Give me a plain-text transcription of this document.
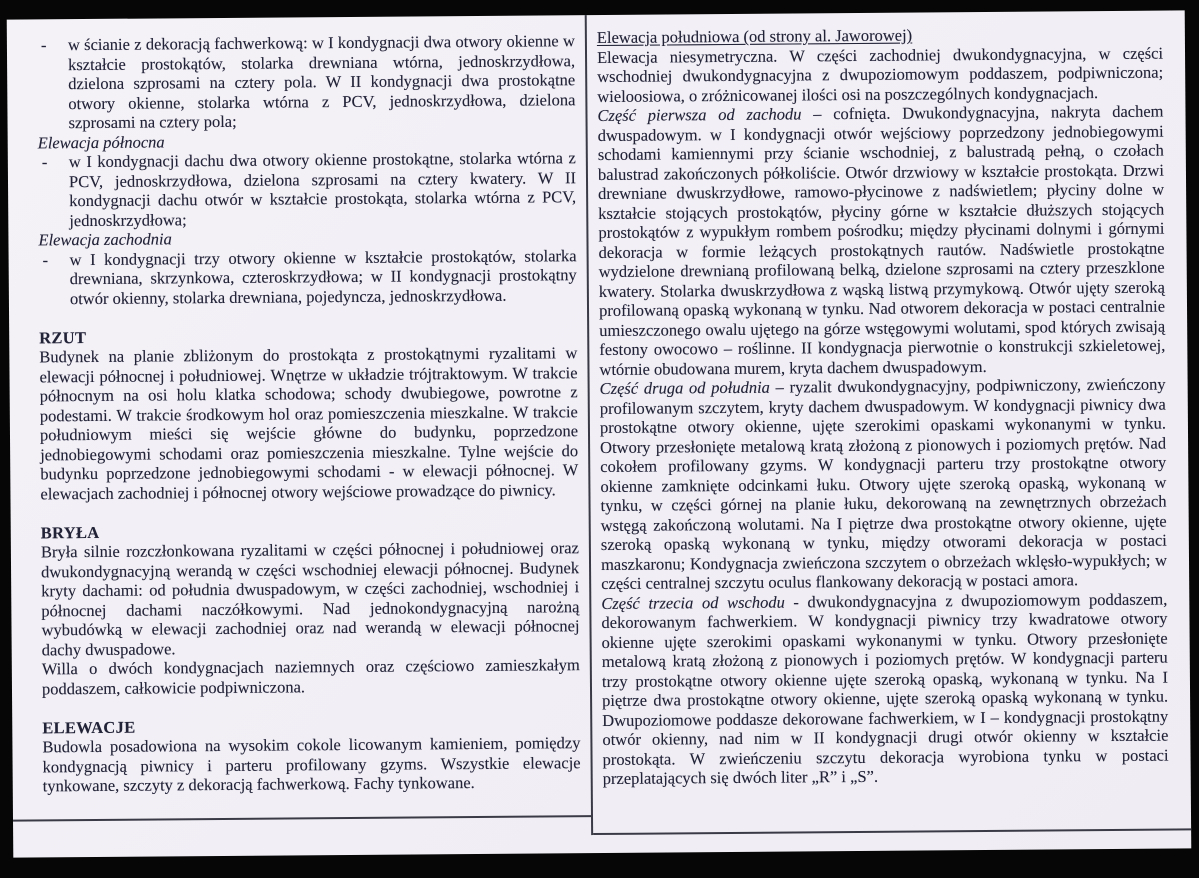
-	w ścianie z dekoracją fachwerkową: w I kondygnacji dwa otwory okienne w kształcie prostokątów, stolarka drewniana wtórna, jednoskrzydłowa, dzielona szprosami na cztery pola. W II kondygnacji dwa prostokątne otwory okienne, stolarka wtórna z PCV, jednoskrzydłowa, dzielona szprosami na cztery pola;
Elewacja północna
-	w I kondygnacji dachu dwa otwory okienne prostokątne, stolarka wtórna z PCV, jednoskrzydłowa, dzielona szprosami na cztery kwatery. W II kondygnacji dachu otwór w kształcie prostokąta, stolarka wtórna z PCV, jednoskrzydłowa;
Elewacja zachodnia
-	w I kondygnacji trzy otwory okienne w kształcie prostokątów, stolarka drewniana, skrzynkowa, czteroskrzydłowa; w II kondygnacji prostokątny otwór okienny, stolarka drewniana, pojedyncza, jednoskrzydłowa.
RZUT

Budynek na planie zbliżonym do prostokąta z prostokątnymi ryzalitami w elewacji północnej i południowej. Wnętrze w układzie trójtraktowym. W trakcie północnym na osi holu klatka schodowa; schody dwubiegowe, powrotne z podestami. W trakcie środkowym hol oraz pomieszczenia mieszkalne. W trakcie południowym mieści się wejście główne do budynku, poprzedzone jednobiegowymi schodami oraz pomieszczenia mieszkalne. Tylne wejście do budynku poprzedzone jednobiegowymi schodami - w elewacji północnej. W elewacjach zachodniej i północnej otwory wejściowe prowadzące do piwnicy.

BRYŁA

Bryła silnie rozczłonkowana ryzalitami w części północnej i południowej oraz dwukondygnacyjną werandą w części wschodniej elewacji północnej. Budynek kryty dachami: od południa dwuspadowym, w części zachodniej, wschodniej i północnej dachami naczółkowymi. Nad jednokondygnacyjną narożną wybudówką w elewacji zachodniej oraz nad werandą w elewacji północnej dachy dwuspadowe.

Willa o dwóch kondygnacjach naziemnych oraz częściowo zamieszkałym poddaszem, całkowicie podpiwniczona.

ELEWACJE

Budowla posadowiona na wysokim cokole licowanym kamieniem, pomiędzy kondygnacją piwnicy i parteru profilowany gzyms. Wszystkie elewacje tynkowane, szczyty z dekoracją fachwerkową. Fachy tynkowane.

Elewacja południowa (od strony al. Jaworowej)

Elewacja niesymetryczna. W części zachodniej dwukondygnacyjna, w części wschodniej dwukondygnacyjna z dwupoziomowym poddaszem, podpiwniczona; wieloosiowa, o zróżnicowanej ilości osi na poszczególnych kondygnacjach.

Część pierwsza od zachodu – cofnięta. Dwukondygnacyjna, nakryta dachem dwuspadowym. w I kondygnacji otwór wejściowy poprzedzony jednobiegowymi schodami kamiennymi przy ścianie wschodniej, z balustradą pełną, o czołach balustrad zakończonych półkoliście. Otwór drzwiowy w kształcie prostokąta. Drzwi drewniane dwuskrzydłowe, ramowo-płycinowe z nadświetlem; płyciny dolne w kształcie stojących prostokątów, płyciny górne w kształcie dłuższych stojących prostokątów z wypukłym rombem pośrodku; między płycinami dolnymi i górnymi dekoracja w formie leżących prostokątnych rautów. Nadświetle prostokątne wydzielone drewnianą profilowaną belką, dzielone szprosami na cztery przeszklone kwatery. Stolarka dwuskrzydłowa z wąską listwą przymykową. Otwór ujęty szeroką profilowaną opaską wykonaną w tynku. Nad otworem dekoracja w postaci centralnie umieszczonego owalu ujętego na górze wstęgowymi wolutami, spod których zwisają festony owocowo – roślinne. II kondygnacja pierwotnie o konstrukcji szkieletowej, wtórnie obudowana murem, kryta dachem dwuspadowym.

Część druga od południa – ryzalit dwukondygnacyjny, podpiwniczony, zwieńczony profilowanym szczytem, kryty dachem dwuspadowym. W kondygnacji piwnicy dwa prostokątne otwory okienne, ujęte szerokimi opaskami wykonanymi w tynku. Otwory przesłonięte metalową kratą złożoną z pionowych i poziomych prętów. Nad cokołem profilowany gzyms. W kondygnacji parteru trzy prostokątne otwory okienne zamknięte odcinkami łuku. Otwory ujęte szeroką opaską, wykonaną w tynku, w części górnej na planie łuku, dekorowaną na zewnętrznych obrzeżach wstęgą zakończoną wolutami. Na I piętrze dwa prostokątne otwory okienne, ujęte szeroką opaską wykonaną w tynku, między otworami dekoracja w postaci maszkaronu; Kondygnacja zwieńczona szczytem o obrzeżach wklęsło-wypukłych; w części centralnej szczytu oculus flankowany dekoracją w postaci amora.

Część trzecia od wschodu - dwukondygnacyjna z dwupoziomowym poddaszem, dekorowanym fachwerkiem. W kondygnacji piwnicy trzy kwadratowe otwory okienne ujęte szerokimi opaskami wykonanymi w tynku. Otwory przesłonięte metalową kratą złożoną z pionowych i poziomych prętów. W kondygnacji parteru trzy prostokątne otwory okienne ujęte szeroką opaską, wykonaną w tynku. Na I piętrze dwa prostokątne otwory okienne, ujęte szeroką opaską wykonaną w tynku. Dwupoziomowe poddasze dekorowane fachwerkiem, w I – kondygnacji prostokątny otwór okienny, nad nim w II kondygnacji drugi otwór okienny w kształcie prostokąta. W zwieńczeniu szczytu dekoracja wyrobiona tynku w postaci przeplatających się dwóch liter „R” i „S”.
